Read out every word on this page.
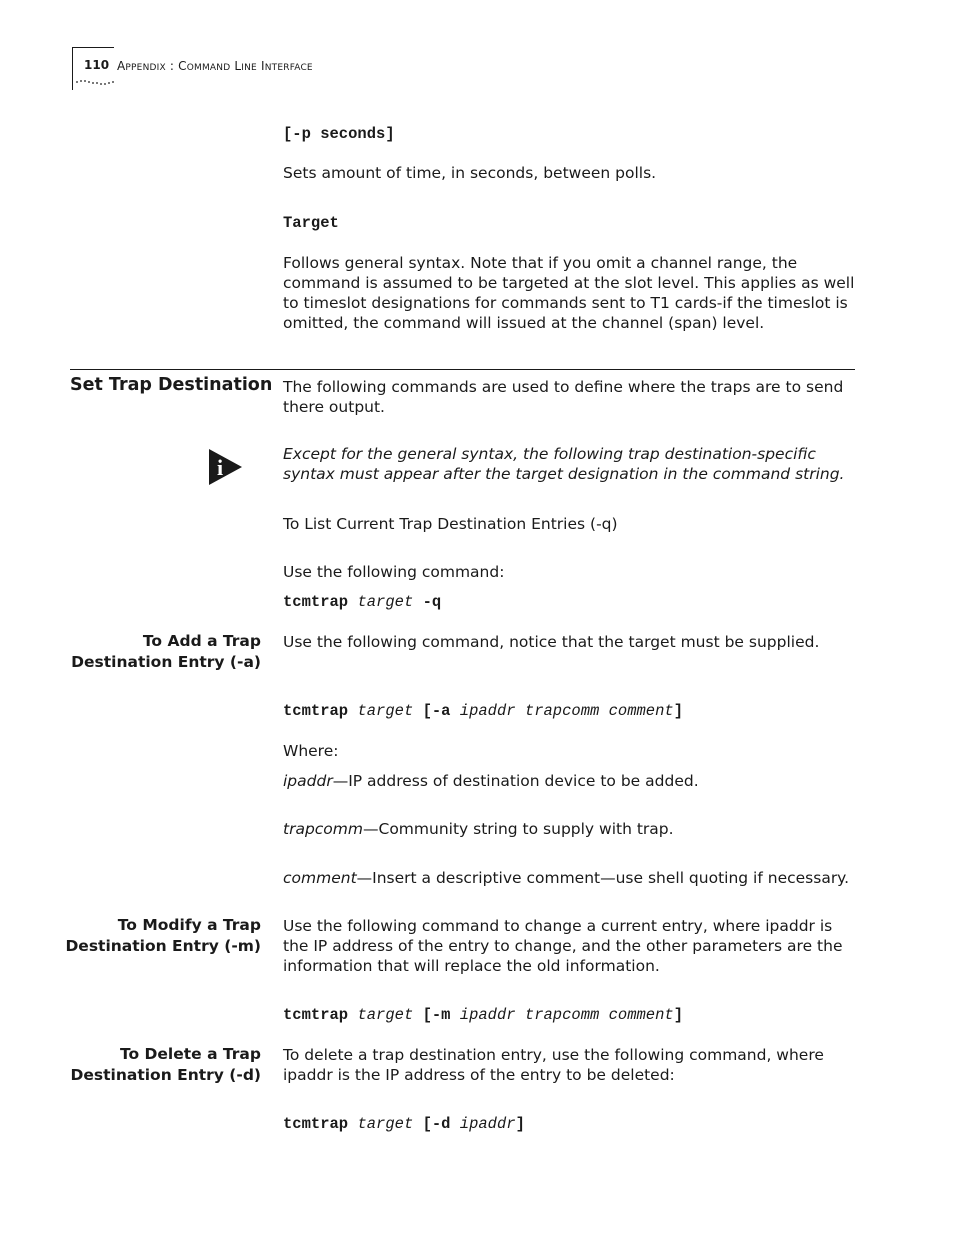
110 APPENDIX : COMMAND LINE INTERFACE
[-p seconds]
Sets amount of time, in seconds, between polls.
Target
Follows general syntax. Note that if you omit a channel range, the command is assumed to be targeted at the slot level. This applies as well to timeslot designations for commands sent to T1 cards-if the timeslot is omitted, the command will issued at the channel (span) level.
Set Trap Destination The following commands are used to define where the traps are to send there output.
i
Except for the general syntax, the following trap destination-specific syntax must appear after the target designation in the command string.
To List Current Trap Destination Entries (-q)
Use the following command:
tcmtrap target -q
To Add a Trap
Destination Entry (-a)
Use the following command, notice that the target must be supplied.
tcmtrap target [-a ipaddr trapcomm comment]
Where:
ipaddr—IP address of destination device to be added.
trapcomm—Community string to supply with trap.
comment—Insert a descriptive comment—use shell quoting if necessary.
To Modify a Trap
Destination Entry (-m)
Use the following command to change a current entry, where ipaddr is the IP address of the entry to change, and the other parameters are the information that will replace the old information.
tcmtrap target [-m ipaddr trapcomm comment]
To Delete a Trap
Destination Entry (-d)
To delete a trap destination entry, use the following command, where ipaddr is the IP address of the entry to be deleted:
tcmtrap target [-d ipaddr]
